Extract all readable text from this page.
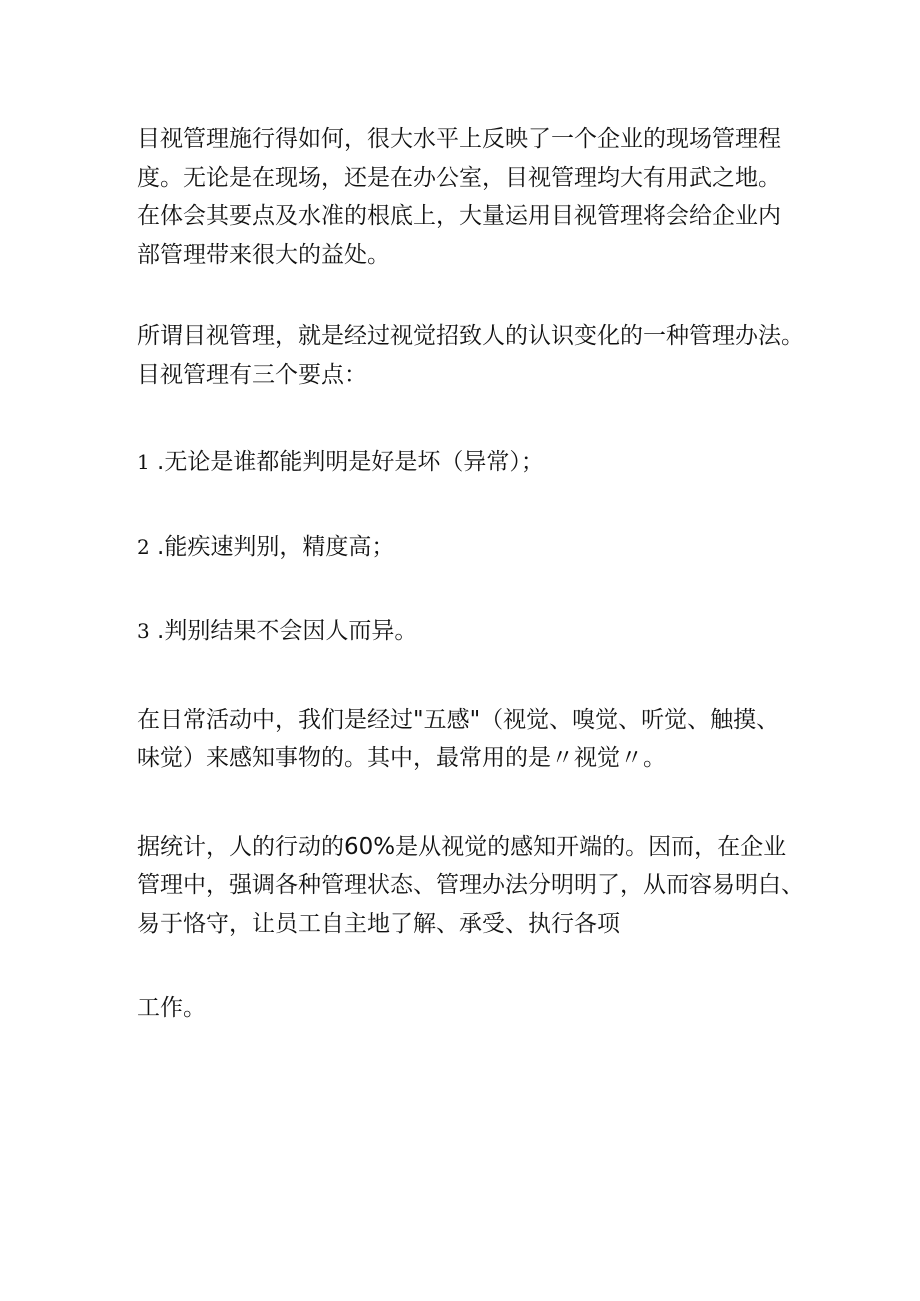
目视管理施行得如何，很大水平上反映了一个企业的现场管理程
度。无论是在现场，还是在办公室，目视管理均大有用武之地。
在体会其要点及水准的根底上，大量运用目视管理将会给企业内
部管理带来很大的益处。

所谓目视管理，就是经过视觉招致人的认识变化的一种管理办法。
目视管理有三个要点：

1 .无论是谁都能判明是好是坏（异常）；

2 .能疾速判别，精度高；

3 .判别结果不会因人而异。

在日常活动中，我们是经过"五感"（视觉、嗅觉、听觉、触摸、
味觉）来感知事物的。其中，最常用的是〃视觉〃。

据统计，人的行动的60%是从视觉的感知开端的。因而，在企业
管理中，强调各种管理状态、管理办法分明明了，从而容易明白、
易于恪守，让员工自主地了解、承受、执行各项

工作。
